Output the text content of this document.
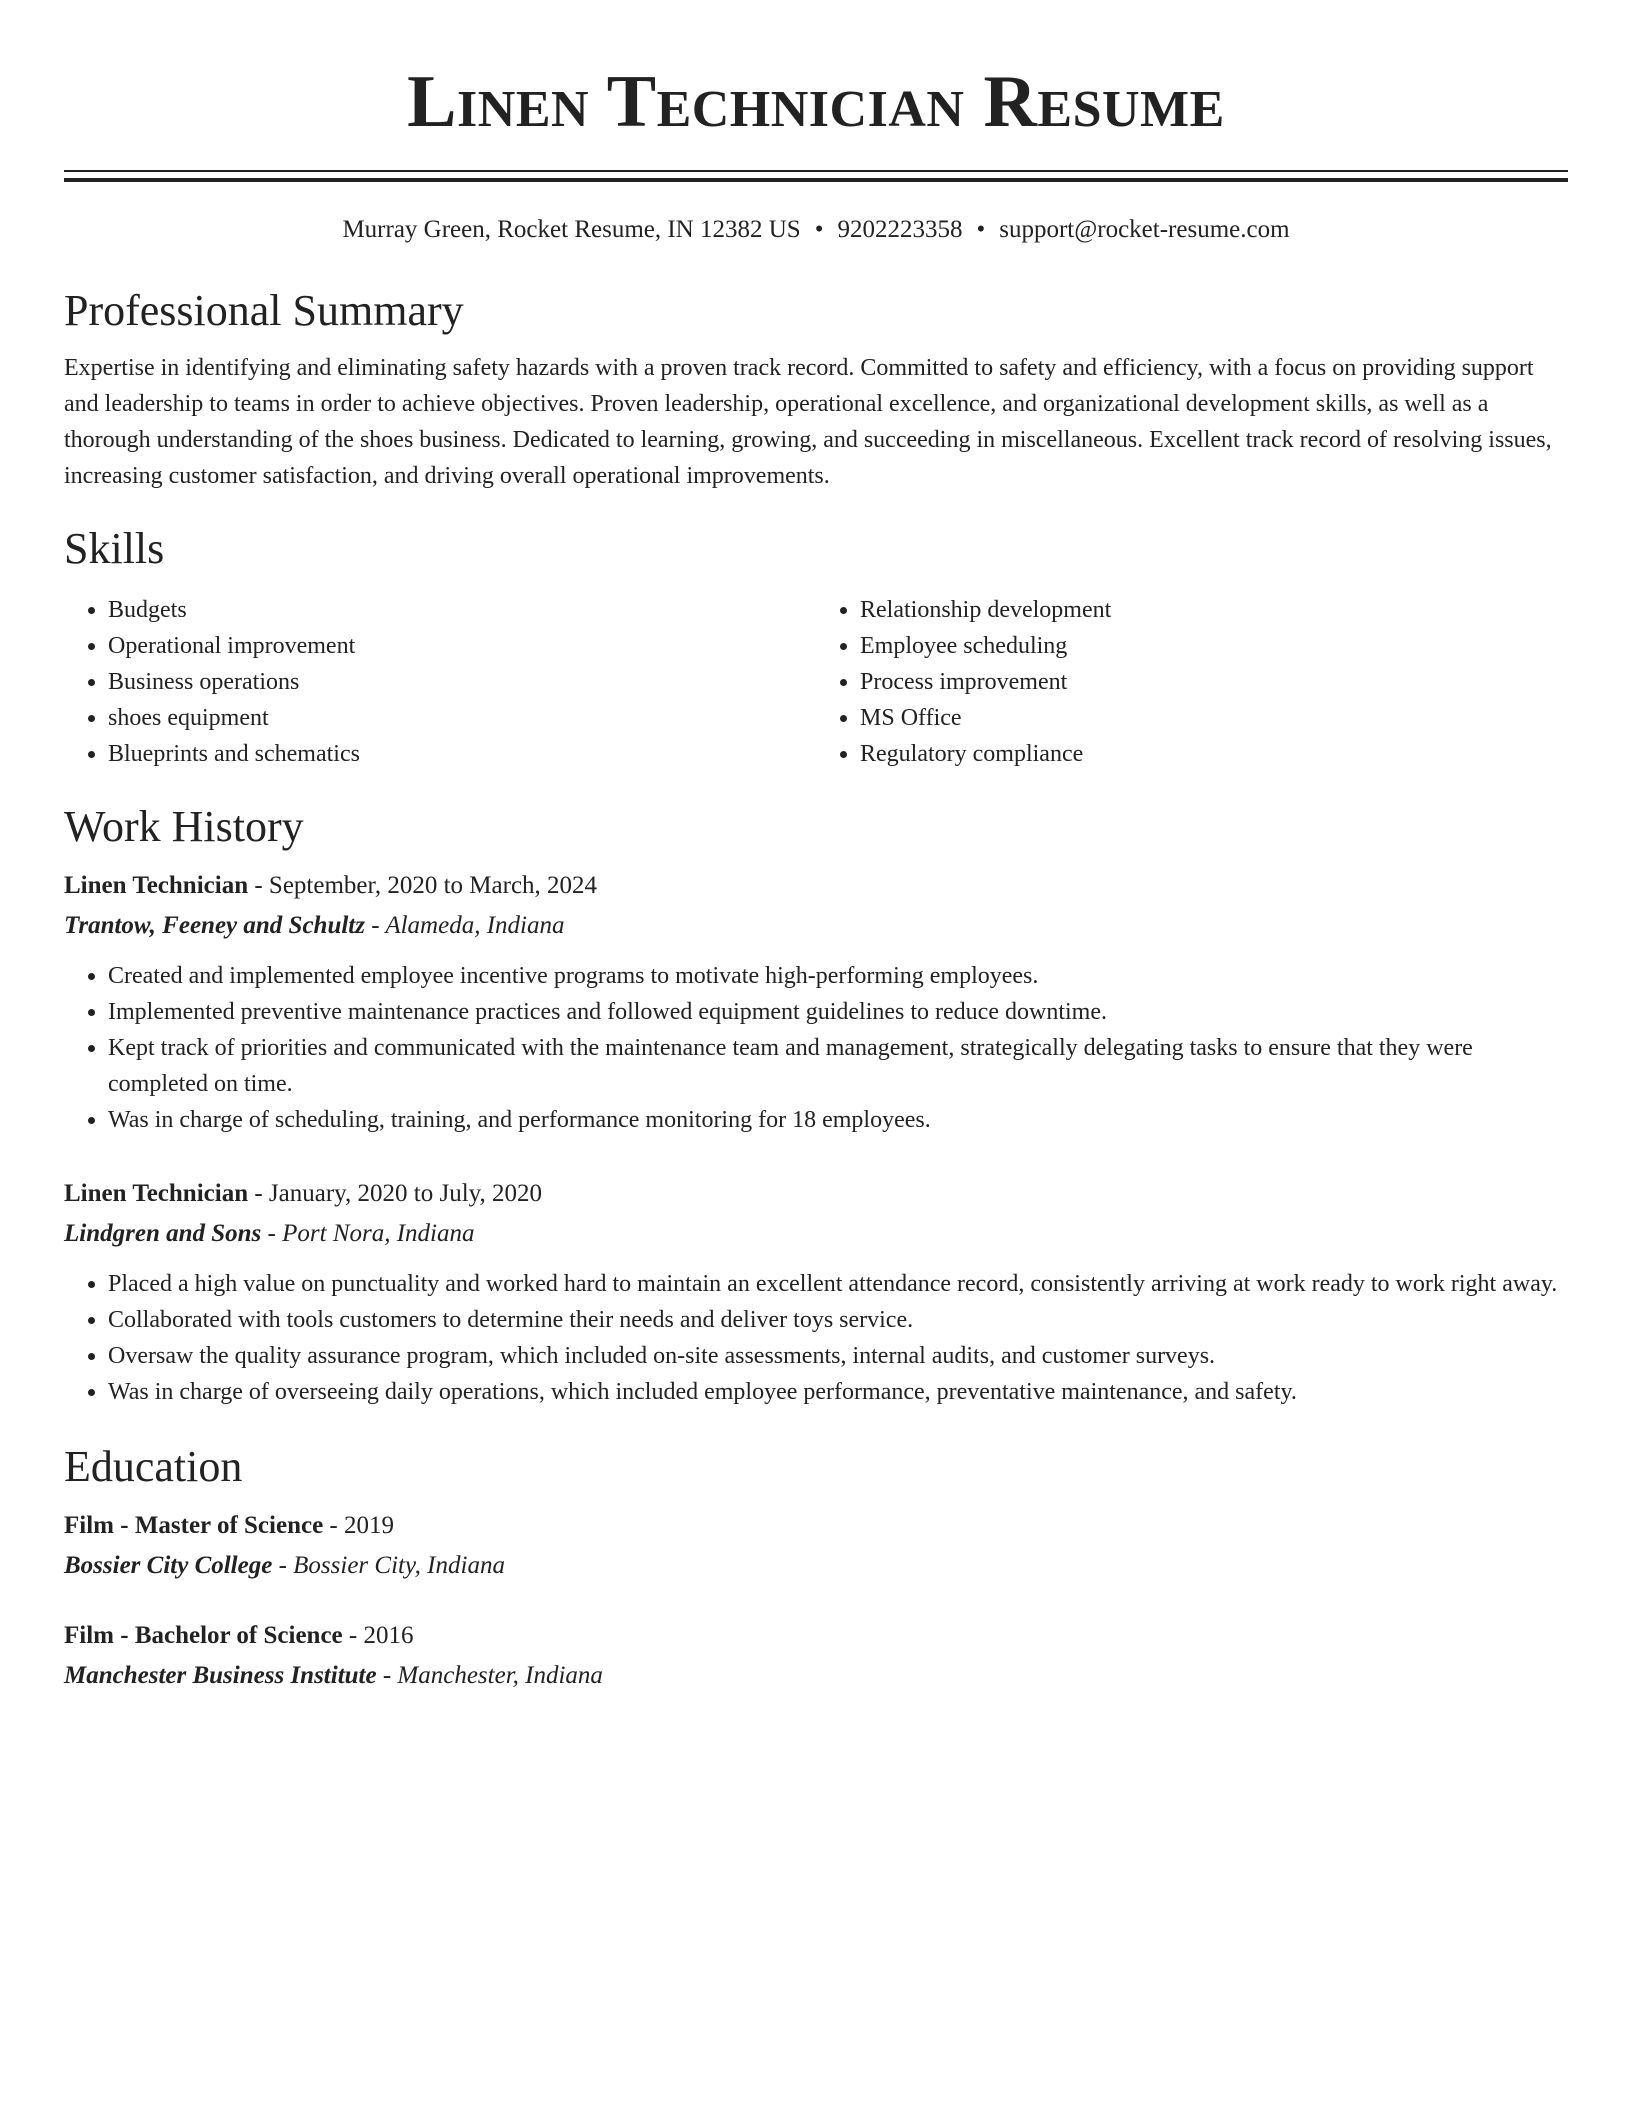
Linen Technician Resume
Murray Green, Rocket Resume, IN 12382 US • 9202223358 • support@rocket-resume.com
Professional Summary

Expertise in identifying and eliminating safety hazards with a proven track record. Committed to safety and efficiency, with a focus on providing support and leadership to teams in order to achieve objectives. Proven leadership, operational excellence, and organizational development skills, as well as a thorough understanding of the shoes business. Dedicated to learning, growing, and succeeding in miscellaneous. Excellent track record of resolving issues, increasing customer satisfaction, and driving overall operational improvements.

Skills
• Budgets
• Operational improvement
• Business operations
• shoes equipment
• Blueprints and schematics
• Relationship development
• Employee scheduling
• Process improvement
• MS Office
• Regulatory compliance
Work History
Linen Technician - September, 2020 to March, 2024
Trantow, Feeney and Schultz - Alameda, Indiana
• Created and implemented employee incentive programs to motivate high-performing employees.
• Implemented preventive maintenance practices and followed equipment guidelines to reduce downtime.
• Kept track of priorities and communicated with the maintenance team and management, strategically delegating tasks to ensure that they were completed on time.
• Was in charge of scheduling, training, and performance monitoring for 18 employees.
Linen Technician - January, 2020 to July, 2020
Lindgren and Sons - Port Nora, Indiana
• Placed a high value on punctuality and worked hard to maintain an excellent attendance record, consistently arriving at work ready to work right away.
• Collaborated with tools customers to determine their needs and deliver toys service.
• Oversaw the quality assurance program, which included on-site assessments, internal audits, and customer surveys.
• Was in charge of overseeing daily operations, which included employee performance, preventative maintenance, and safety.
Education
Film - Master of Science - 2019
Bossier City College - Bossier City, Indiana
Film - Bachelor of Science - 2016
Manchester Business Institute - Manchester, Indiana
